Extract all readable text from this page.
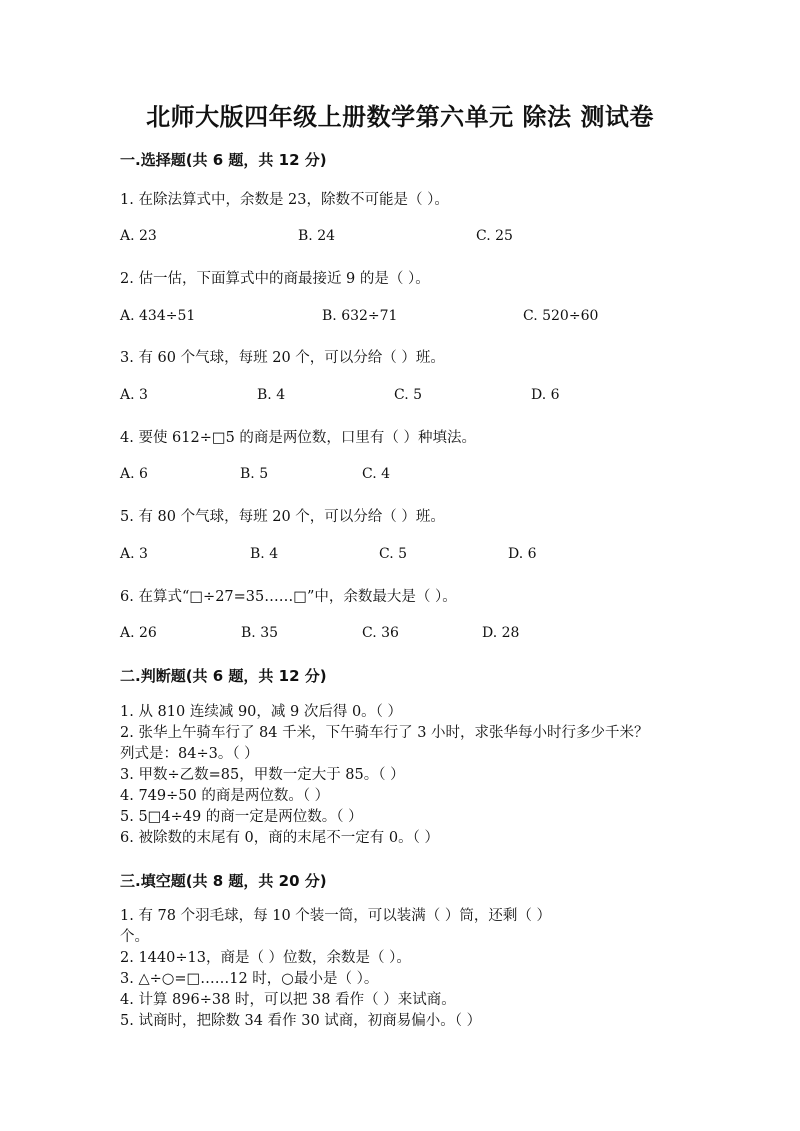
北师大版四年级上册数学第六单元 除法 测试卷
一.选择题(共 6 题，共 12 分)
1. 在除法算式中，余数是 23，除数不可能是（ ）。
A. 23	B. 24	C. 25
2. 估一估，下面算式中的商最接近 9 的是（ ）。
A. 434÷51	B. 632÷71	C. 520÷60
3. 有 60 个气球，每班 20 个，可以分给（ ）班。
A. 3	B. 4	C. 5	D. 6
4. 要使 612÷□5 的商是两位数，口里有（ ）种填法。
A. 6	B. 5	C. 4
5. 有 80 个气球，每班 20 个，可以分给（ ）班。
A. 3	B. 4	C. 5	D. 6
6. 在算式“□÷27=35……□”中，余数最大是（ ）。
A. 26	B. 35	C. 36	D. 28
二.判断题(共 6 题，共 12 分)
1. 从 810 连续减 90，减 9 次后得 0。（ ）
2. 张华上午骑车行了 84 千米，下午骑车行了 3 小时，求张华每小时行多少千米？
列式是：84÷3。（ ）
3. 甲数÷乙数=85，甲数一定大于 85。（ ）
4. 749÷50 的商是两位数。（ ）
5. 5□4÷49 的商一定是两位数。（ ）
6. 被除数的末尾有 0，商的末尾不一定有 0。（ ）
三.填空题(共 8 题，共 20 分)
1. 有 78 个羽毛球，每 10 个装一筒，可以装满（ ）筒，还剩（ ）
个。
2. 1440÷13，商是（ ）位数，余数是（ ）。
3. △÷○=□……12 时，○最小是（ ）。
4. 计算 896÷38 时，可以把 38 看作（ ）来试商。
5. 试商时，把除数 34 看作 30 试商，初商易偏小。（ ）
